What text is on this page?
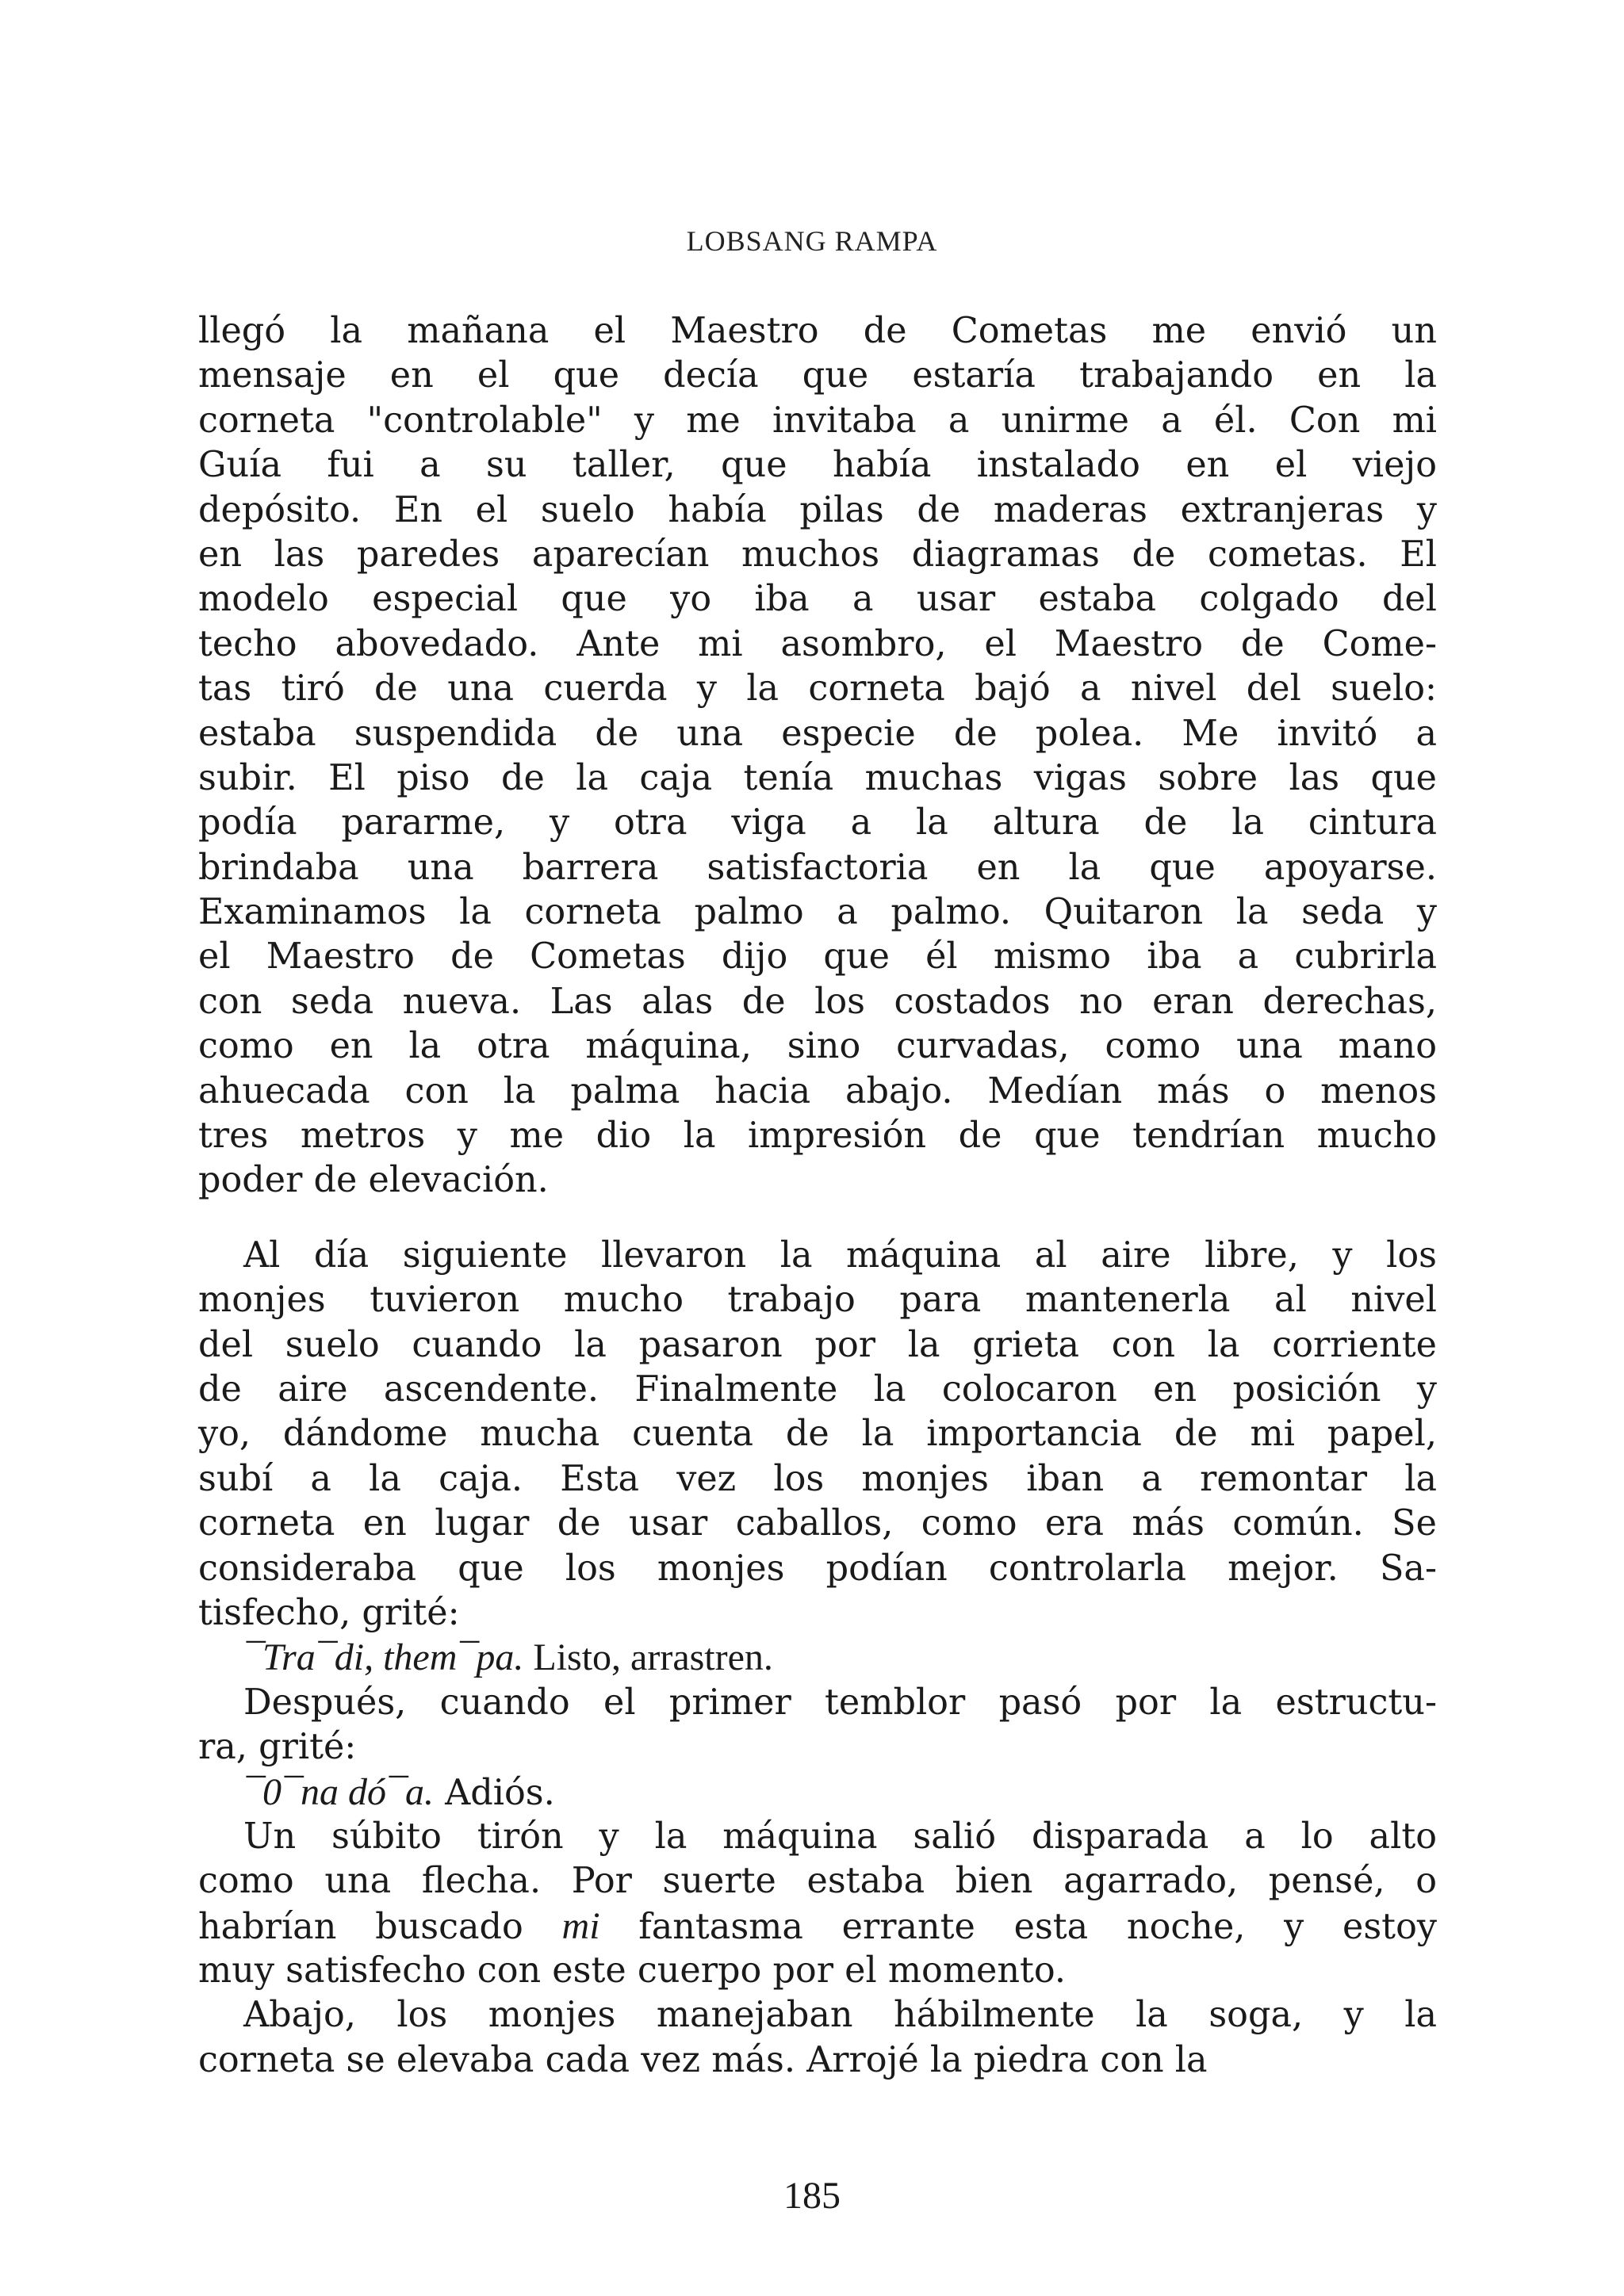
LOBSANG RAMPA
llegó la mañana el Maestro de Cometas me envió un
mensaje en el que decía que estaría trabajando en la
corneta "controlable" y me invitaba a unirme a él. Con mi
Guía fui a su taller, que había instalado en el viejo
depósito. En el suelo había pilas de maderas extranjeras y
en las paredes aparecían muchos diagramas de cometas. El
modelo especial que yo iba a usar estaba colgado del
techo abovedado. Ante mi asombro, el Maestro de Come-
tas tiró de una cuerda y la corneta bajó a nivel del suelo:
estaba suspendida de una especie de polea. Me invitó a
subir. El piso de la caja tenía muchas vigas sobre las que
podía pararme, y otra viga a la altura de la cintura
brindaba una barrera satisfactoria en la que apoyarse.
Examinamos la corneta palmo a palmo. Quitaron la seda y
el Maestro de Cometas dijo que él mismo iba a cubrirla
con seda nueva. Las alas de los costados no eran derechas,
como en la otra máquina, sino curvadas, como una mano
ahuecada con la palma hacia abajo. Medían más o menos
tres metros y me dio la impresión de que tendrían mucho
poder de elevación.
Al día siguiente llevaron la máquina al aire libre, y los
monjes tuvieron mucho trabajo para mantenerla al nivel
del suelo cuando la pasaron por la grieta con la corriente
de aire ascendente. Finalmente la colocaron en posición y
yo, dándome mucha cuenta de la importancia de mi papel,
subí a la caja. Esta vez los monjes iban a remontar la
corneta en lugar de usar caballos, como era más común. Se
consideraba que los monjes podían controlarla mejor. Sa-
tisfecho, grité:
¯Tra¯di, them¯pa. Listo, arrastren.
Después, cuando el primer temblor pasó por la estructu-
ra, grité:
¯0¯na dó¯a. Adiós.
Un súbito tirón y la máquina salió disparada a lo alto
como una flecha. Por suerte estaba bien agarrado, pensé, o
habrían buscado mi fantasma errante esta noche, y estoy
muy satisfecho con este cuerpo por el momento.
Abajo, los monjes manejaban hábilmente la soga, y la
corneta se elevaba cada vez más. Arrojé la piedra con la
185
